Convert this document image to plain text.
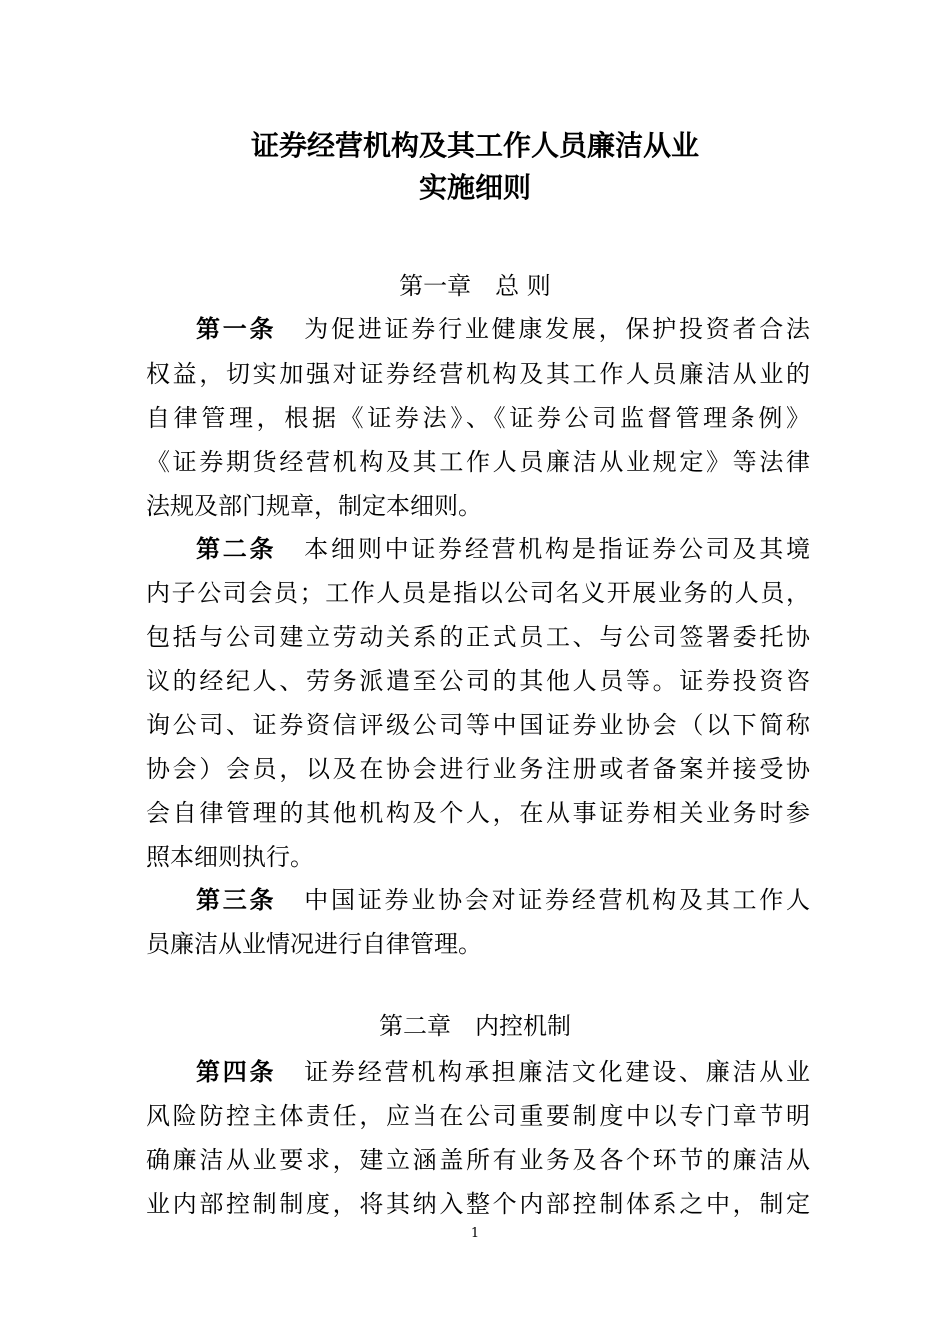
证券经营机构及其工作人员廉洁从业
实施细则
第一章　总 则
第一条 为促进证券行业健康发展，保护投资者合法
权益，切实加强对证券经营机构及其工作人员廉洁从业的
自律管理，根据《证券法》、《证券公司监督管理条例》
《证券期货经营机构及其工作人员廉洁从业规定》等法律
法规及部门规章，制定本细则。
第二条 本细则中证券经营机构是指证券公司及其境
内子公司会员；工作人员是指以公司名义开展业务的人员，
包括与公司建立劳动关系的正式员工、与公司签署委托协
议的经纪人、劳务派遣至公司的其他人员等。证券投资咨
询公司、证券资信评级公司等中国证券业协会（以下简称
协会）会员，以及在协会进行业务注册或者备案并接受协
会自律管理的其他机构及个人，在从事证券相关业务时参
照本细则执行。
第三条 中国证券业协会对证券经营机构及其工作人
员廉洁从业情况进行自律管理。
第二章　内控机制
第四条 证券经营机构承担廉洁文化建设、廉洁从业
风险防控主体责任，应当在公司重要制度中以专门章节明
确廉洁从业要求，建立涵盖所有业务及各个环节的廉洁从
业内部控制制度，将其纳入整个内部控制体系之中，制定
1
